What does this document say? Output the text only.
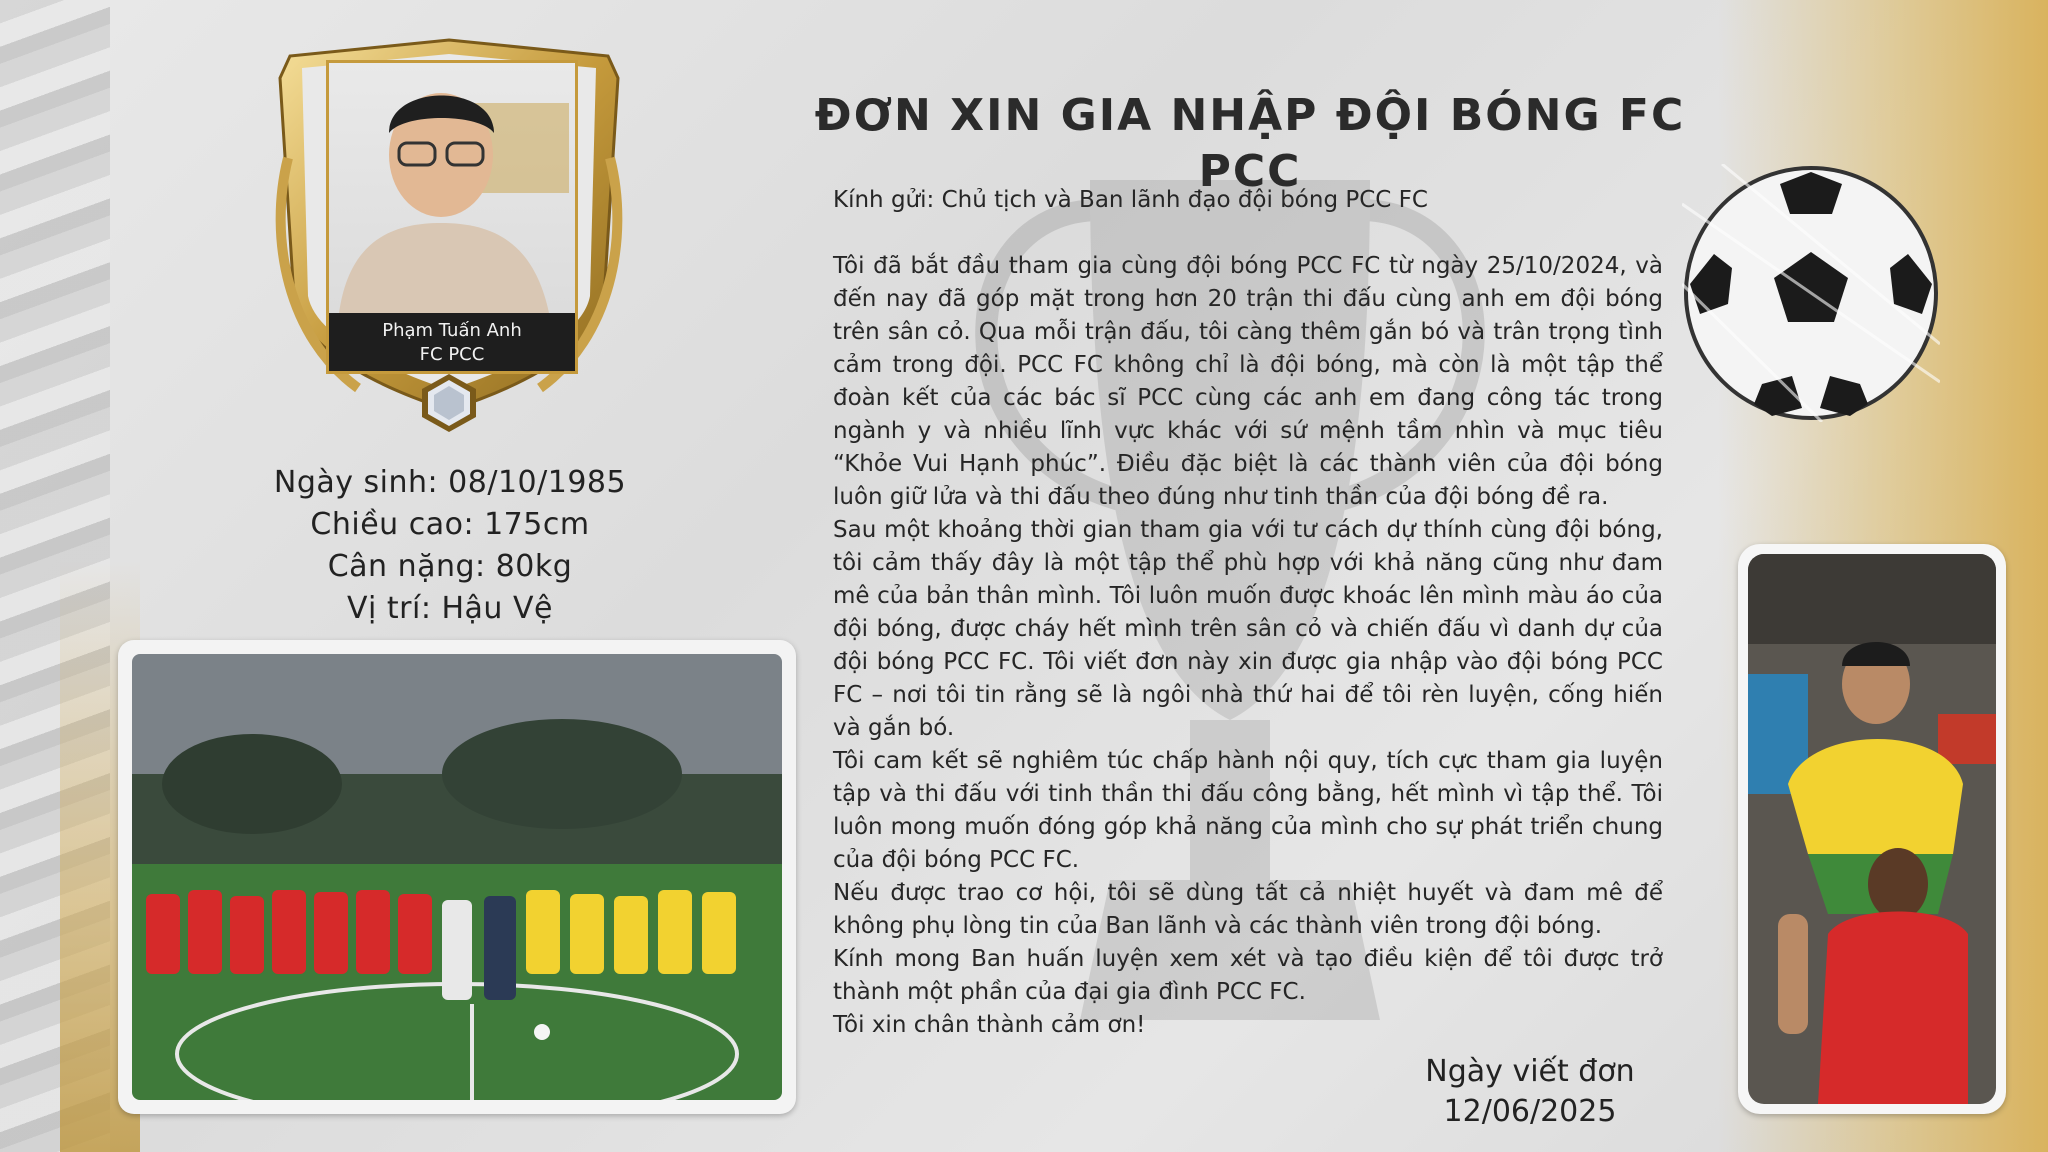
Phạm Tuấn Anh
FC PCC
Ngày sinh: 08/10/1985
Chiều cao: 175cm
Cân nặng: 80kg
Vị trí: Hậu Vệ
ĐƠN XIN GIA NHẬP ĐỘI BÓNG FC PCC

Kính gửi: Chủ tịch và Ban lãnh đạo đội bóng PCC FC

Tôi đã bắt đầu tham gia cùng đội bóng PCC FC từ ngày 25/10/2024, và đến nay đã góp mặt trong hơn 20 trận thi đấu cùng anh em đội bóng trên sân cỏ. Qua mỗi trận đấu, tôi càng thêm gắn bó và trân trọng tình cảm trong đội. PCC FC không chỉ là đội bóng, mà còn là một tập thể đoàn kết của các bác sĩ PCC cùng các anh em đang công tác trong ngành y và nhiều lĩnh vực khác với sứ mệnh tầm nhìn và mục tiêu “Khỏe Vui Hạnh phúc”. Điều đặc biệt là các thành viên của đội bóng luôn giữ lửa và thi đấu theo đúng như tinh thần của đội bóng đề ra.

Sau một khoảng thời gian tham gia với tư cách dự thính cùng đội bóng, tôi cảm thấy đây là một tập thể phù hợp với khả năng cũng như đam mê của bản thân mình. Tôi luôn muốn được khoác lên mình màu áo của đội bóng, được cháy hết mình trên sân cỏ và chiến đấu vì danh dự của đội bóng PCC FC. Tôi viết đơn này xin được gia nhập vào đội bóng PCC FC – nơi tôi tin rằng sẽ là ngôi nhà thứ hai để tôi rèn luyện, cống hiến và gắn bó.

Tôi cam kết sẽ nghiêm túc chấp hành nội quy, tích cực tham gia luyện tập và thi đấu với tinh thần thi đấu công bằng, hết mình vì tập thể. Tôi luôn mong muốn đóng góp khả năng của mình cho sự phát triển chung của đội bóng PCC FC.

Nếu được trao cơ hội, tôi sẽ dùng tất cả nhiệt huyết và đam mê để không phụ lòng tin của Ban lãnh và các thành viên trong đội bóng.

Kính mong Ban huấn luyện xem xét và tạo điều kiện để tôi được trở thành một phần của đại gia đình PCC FC.

Tôi xin chân thành cảm ơn!

Ngày viết đơn
12/06/2025
